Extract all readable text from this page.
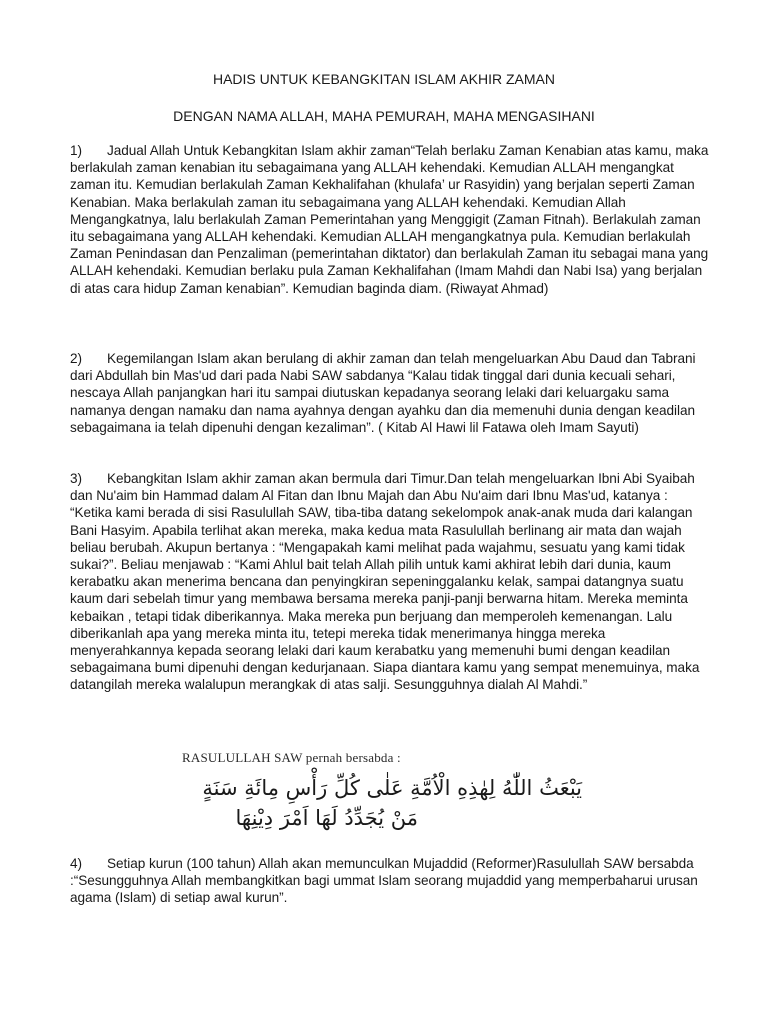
HADIS UNTUK KEBANGKITAN ISLAM AKHIR ZAMAN
DENGAN NAMA ALLAH, MAHA PEMURAH, MAHA MENGASIHANI

1) Jadual Allah Untuk Kebangkitan Islam akhir zaman“Telah berlaku Zaman Kenabian atas kamu, maka berlakulah zaman kenabian itu sebagaimana yang ALLAH kehendaki. Kemudian ALLAH mengangkat zaman itu. Kemudian berlakulah Zaman Kekhalifahan (khulafa’ ur Rasyidin) yang berjalan seperti Zaman Kenabian. Maka berlakulah zaman itu sebagaimana yang ALLAH kehendaki. Kemudian Allah Mengangkatnya, lalu berlakulah Zaman Pemerintahan yang Menggigit (Zaman Fitnah). Berlakulah zaman itu sebagaimana yang ALLAH kehendaki. Kemudian ALLAH mengangkatnya pula. Kemudian berlakulah Zaman Penindasan dan Penzaliman (pemerintahan diktator) dan berlakulah Zaman itu sebagai mana yang ALLAH kehendaki. Kemudian berlaku pula Zaman Kekhalifahan (Imam Mahdi dan Nabi Isa) yang berjalan di atas cara hidup Zaman kenabian”. Kemudian baginda diam. (Riwayat Ahmad)

2) Kegemilangan Islam akan berulang di akhir zaman dan telah mengeluarkan Abu Daud dan Tabrani dari Abdullah bin Mas'ud dari pada Nabi SAW sabdanya “Kalau tidak tinggal dari dunia kecuali sehari, nescaya Allah panjangkan hari itu sampai diutuskan kepadanya seorang lelaki dari keluargaku sama namanya dengan namaku dan nama ayahnya dengan ayahku dan dia memenuhi dunia dengan keadilan sebagaimana ia telah dipenuhi dengan kezaliman”. ( Kitab Al Hawi lil Fatawa oleh Imam Sayuti)

3) Kebangkitan Islam akhir zaman akan bermula dari Timur.Dan telah mengeluarkan Ibni Abi Syaibah dan Nu'aim bin Hammad dalam Al Fitan dan Ibnu Majah dan Abu Nu'aim dari Ibnu Mas'ud, katanya : “Ketika kami berada di sisi Rasulullah SAW, tiba-tiba datang sekelompok anak-anak muda dari kalangan Bani Hasyim. Apabila terlihat akan mereka, maka kedua mata Rasulullah berlinang air mata dan wajah beliau berubah. Akupun bertanya : “Mengapakah kami melihat pada wajahmu, sesuatu yang kami tidak sukai?”. Beliau menjawab : “Kami Ahlul bait telah Allah pilih untuk kami akhirat lebih dari dunia, kaum kerabatku akan menerima bencana dan penyingkiran sepeninggalanku kelak, sampai datangnya suatu kaum dari sebelah timur yang membawa bersama mereka panji-panji berwarna hitam. Mereka meminta kebaikan , tetapi tidak diberikannya. Maka mereka pun berjuang dan memperoleh kemenangan. Lalu diberikanlah apa yang mereka minta itu, tetepi mereka tidak menerimanya hingga mereka menyerahkannya kepada seorang lelaki dari kaum kerabatku yang memenuhi bumi dengan keadilan sebagaimana bumi dipenuhi dengan kedurjanaan. Siapa diantara kamu yang sempat menemuinya, maka datangilah mereka walalupun merangkak di atas salji. Sesungguhnya dialah Al Mahdi.”

RASULULLAH SAW pernah bersabda :
يَبْعَثُ اللّٰهُ لِهٰذِهِ الْاُمَّةِ عَلٰى كُلِّ رَأْسِ مِائَةِ سَنَةٍ
مَنْ يُجَدِّدُ لَهَا اَمْرَ دِيْنِهَا

4) Setiap kurun (100 tahun) Allah akan memunculkan Mujaddid (Reformer)Rasulullah SAW bersabda :“Sesungguhnya Allah membangkitkan bagi ummat Islam seorang mujaddid yang memperbaharui urusan agama (Islam) di setiap awal kurun”.
